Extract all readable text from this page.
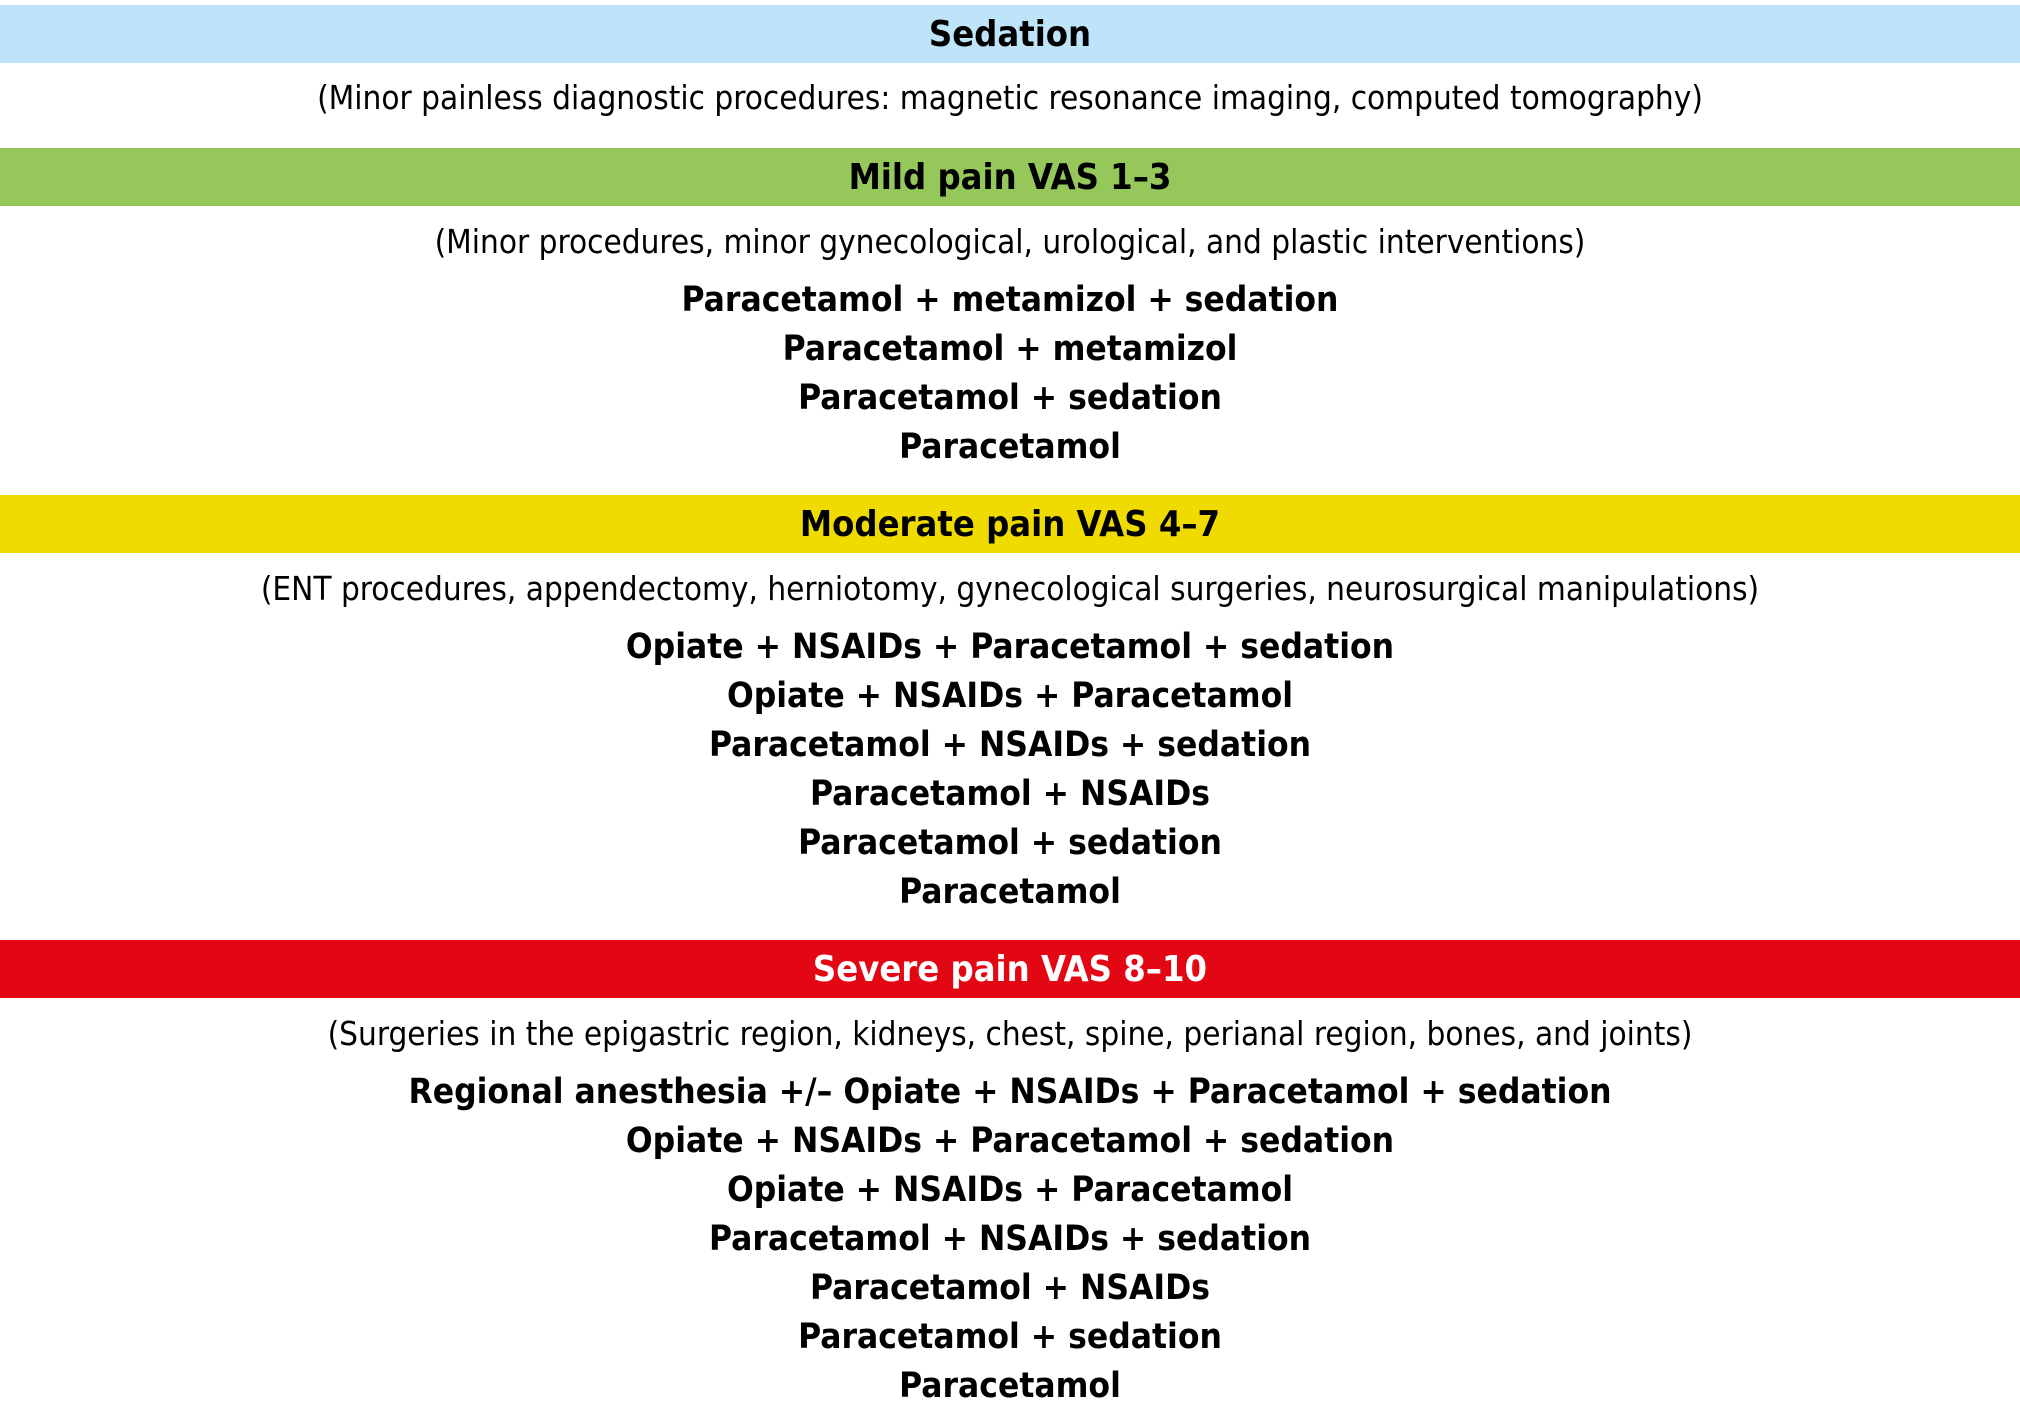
Sedation
(Minor painless diagnostic procedures: magnetic resonance imaging, computed tomography)
Mild pain VAS 1–3
(Minor procedures, minor gynecological, urological, and plastic interventions)
Paracetamol + metamizol + sedation
Paracetamol + metamizol
Paracetamol + sedation
Paracetamol
Moderate pain VAS 4–7
(ENT procedures, appendectomy, herniotomy, gynecological surgeries, neurosurgical manipulations)
Opiate + NSAIDs + Paracetamol + sedation
Opiate + NSAIDs + Paracetamol
Paracetamol + NSAIDs + sedation
Paracetamol + NSAIDs
Paracetamol + sedation
Paracetamol
Severe pain VAS 8–10
(Surgeries in the epigastric region, kidneys, chest, spine, perianal region, bones, and joints)
Regional anesthesia +/– Opiate + NSAIDs + Paracetamol + sedation
Opiate + NSAIDs + Paracetamol + sedation
Opiate + NSAIDs + Paracetamol
Paracetamol + NSAIDs + sedation
Paracetamol + NSAIDs
Paracetamol + sedation
Paracetamol
